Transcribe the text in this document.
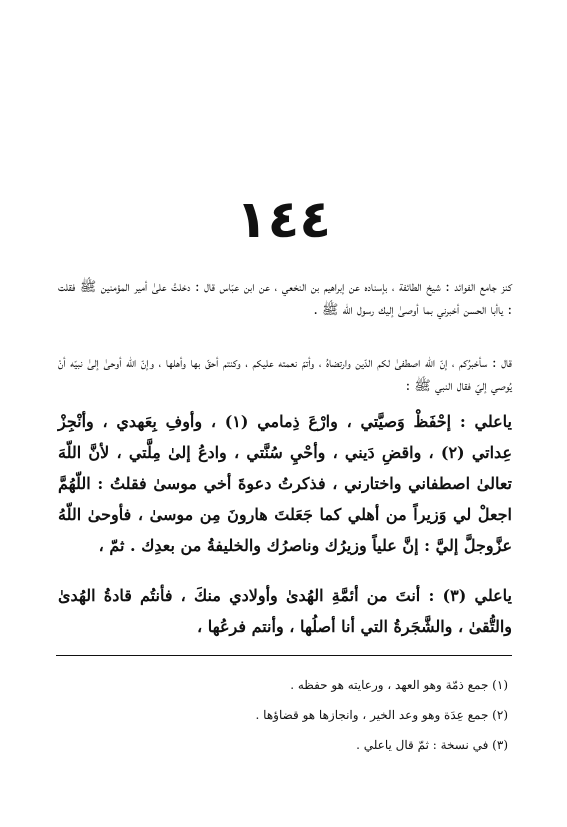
١٤٤
كنز جامع الفوائد : شيخ الطائفة ، بإسناده عن إبراهيم بن النخعي ، عن ابن عبّاس قال : دخلتُ علىٰ أمير المؤمنين ﷺ فقلت : ياأبا الحسن أخبرني بما أوصىٰ إليك رسول الله ﷺ .
قال : سأخبرُكم ، إنّ الله اصطفىٰ لكم الدّين وارتضاهُ ، وأتمّ نعمته عليكم ، وكنتم أحقّ بها وأهلها ، وإنّ الله أوحىٰ إلىٰ نبيّه أنْ يُوصي إليّ فقال النبي ﷺ :
ياعلي : إحْفَظْ وَصيَّتي ، وارْعَ ذِمامي (١) ، وأوفِ بِعَهدي ، وأنْجِزْ عِداتي (٢) ، واقضِ دَيني ، وأحْيِ سُنَّتي ، وادعُ إلىٰ مِلَّتي ، لأنَّ اللّهَ تعالىٰ اصطفاني واختارني ، فذكرتُ دعوةَ أخي موسىٰ فقلتُ : اللّهُمَّ اجعلْ لي وَزيراً من أهلي كما جَعَلتَ هارونَ مِن موسىٰ ، فأوحىٰ اللّهُ عزَّوجلَّ إليَّ : إنَّ علياً وزيرُك وناصرُك والخليفةُ من بعدِك . ثمّ ،
ياعلي (٣) : أنتَ من أئمَّةِ الهُدىٰ وأولادي منكَ ، فأنتُم قادةُ الهُدىٰ والتُّقىٰ ، والشَّجَرةُ التي أنا أصلُها ، وأنتم فرعُها ،
(١) جمع ذمّة وهو العهد ، ورعايته هو حفظه .
(٢) جمع عِدَة وهو وعد الخير ، وانجازها هو قضاؤها .
(٣) في نسخة : ثمّ قال ياعلي .
